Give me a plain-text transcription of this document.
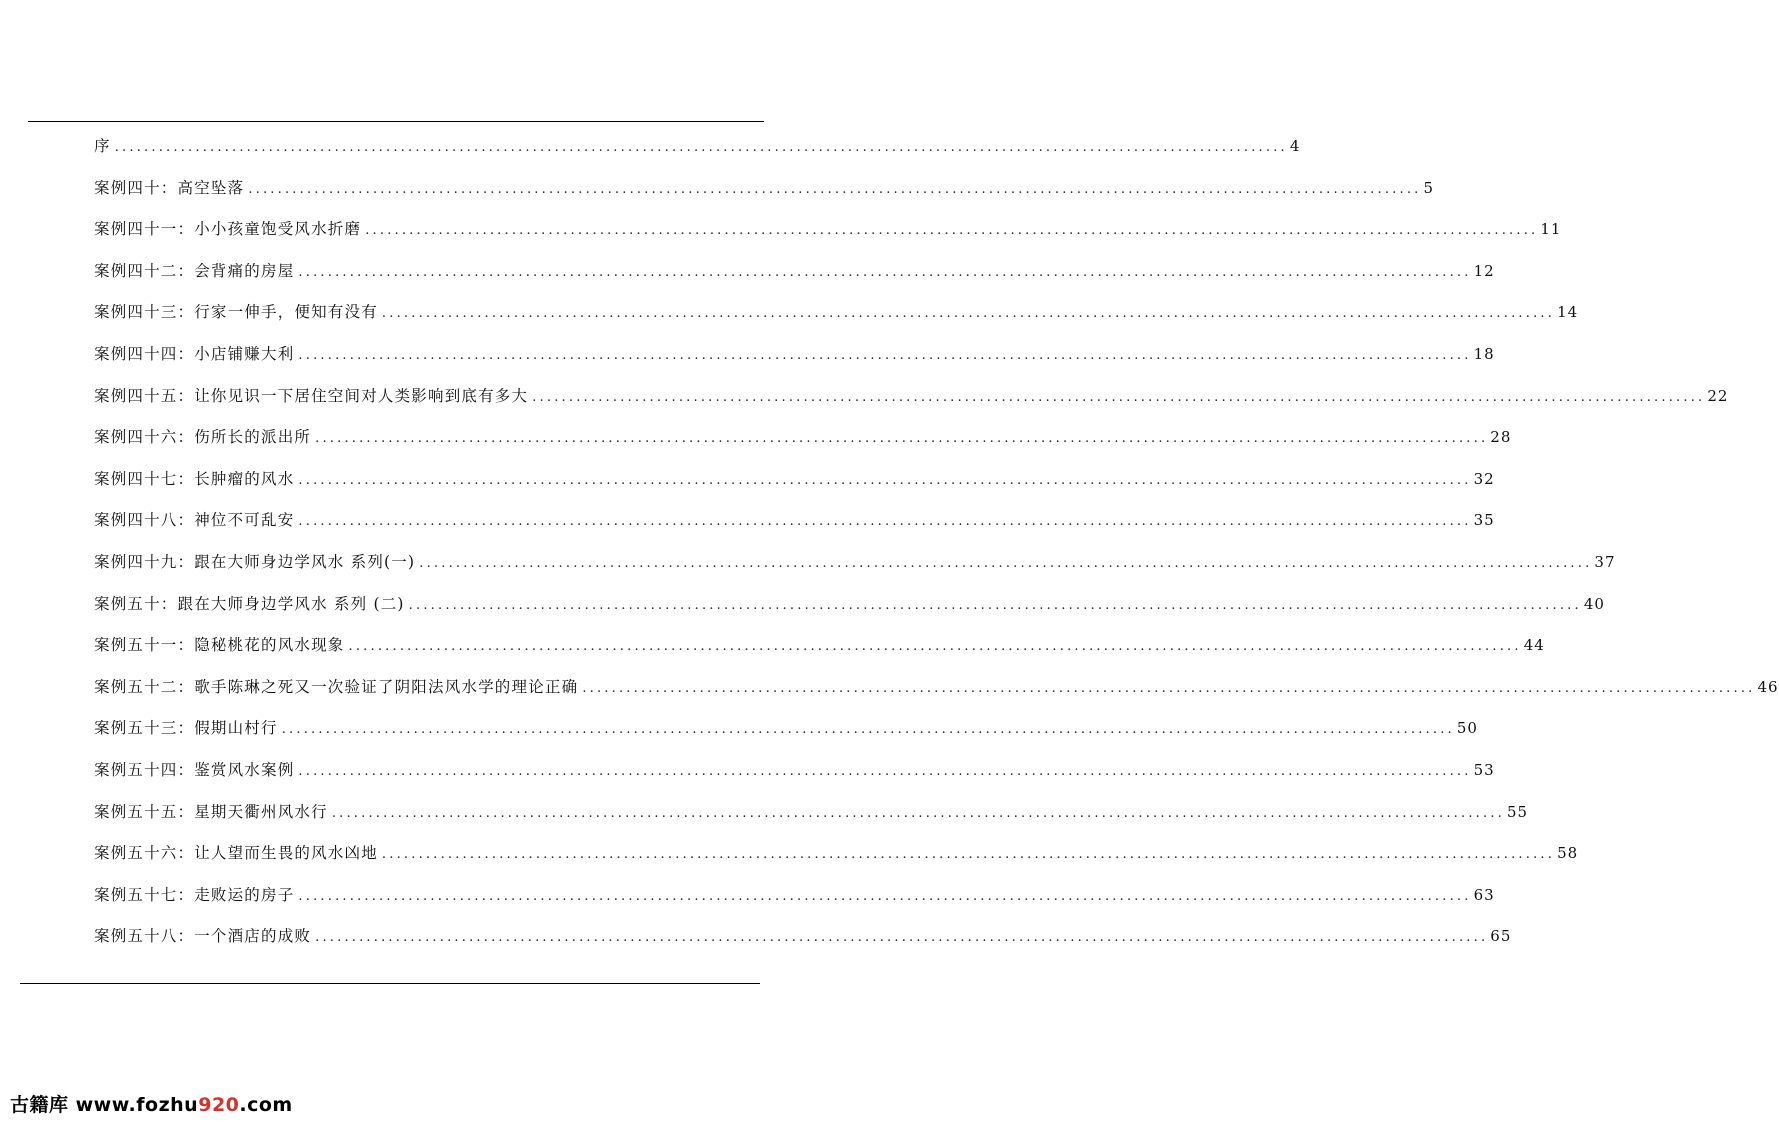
序 ................................................................................................................................................................ 4
案例四十：高空坠落 ................................................................................................................................................................ 5
案例四十一：小小孩童饱受风水折磨 ................................................................................................................................................................ 11
案例四十二：会背痛的房屋 ................................................................................................................................................................ 12
案例四十三：行家一伸手，便知有没有 ................................................................................................................................................................ 14
案例四十四：小店铺赚大利 ................................................................................................................................................................ 18
案例四十五：让你见识一下居住空间对人类影响到底有多大 ................................................................................................................................................................ 22
案例四十六：伤所长的派出所 ................................................................................................................................................................ 28
案例四十七：长肿瘤的风水 ................................................................................................................................................................ 32
案例四十八：神位不可乱安 ................................................................................................................................................................ 35
案例四十九：跟在大师身边学风水 系列(一) ................................................................................................................................................................ 37
案例五十：跟在大师身边学风水 系列 (二) ................................................................................................................................................................ 40
案例五十一：隐秘桃花的风水现象 ................................................................................................................................................................ 44
案例五十二：歌手陈琳之死又一次验证了阴阳法风水学的理论正确 ................................................................................................................................................................ 46
案例五十三：假期山村行 ................................................................................................................................................................ 50
案例五十四：鉴赏风水案例 ................................................................................................................................................................ 53
案例五十五：星期天衢州风水行 ................................................................................................................................................................ 55
案例五十六：让人望而生畏的风水凶地 ................................................................................................................................................................ 58
案例五十七：走败运的房子 ................................................................................................................................................................ 63
案例五十八：一个酒店的成败 ................................................................................................................................................................ 65
古籍库 www.fozhu920.com
